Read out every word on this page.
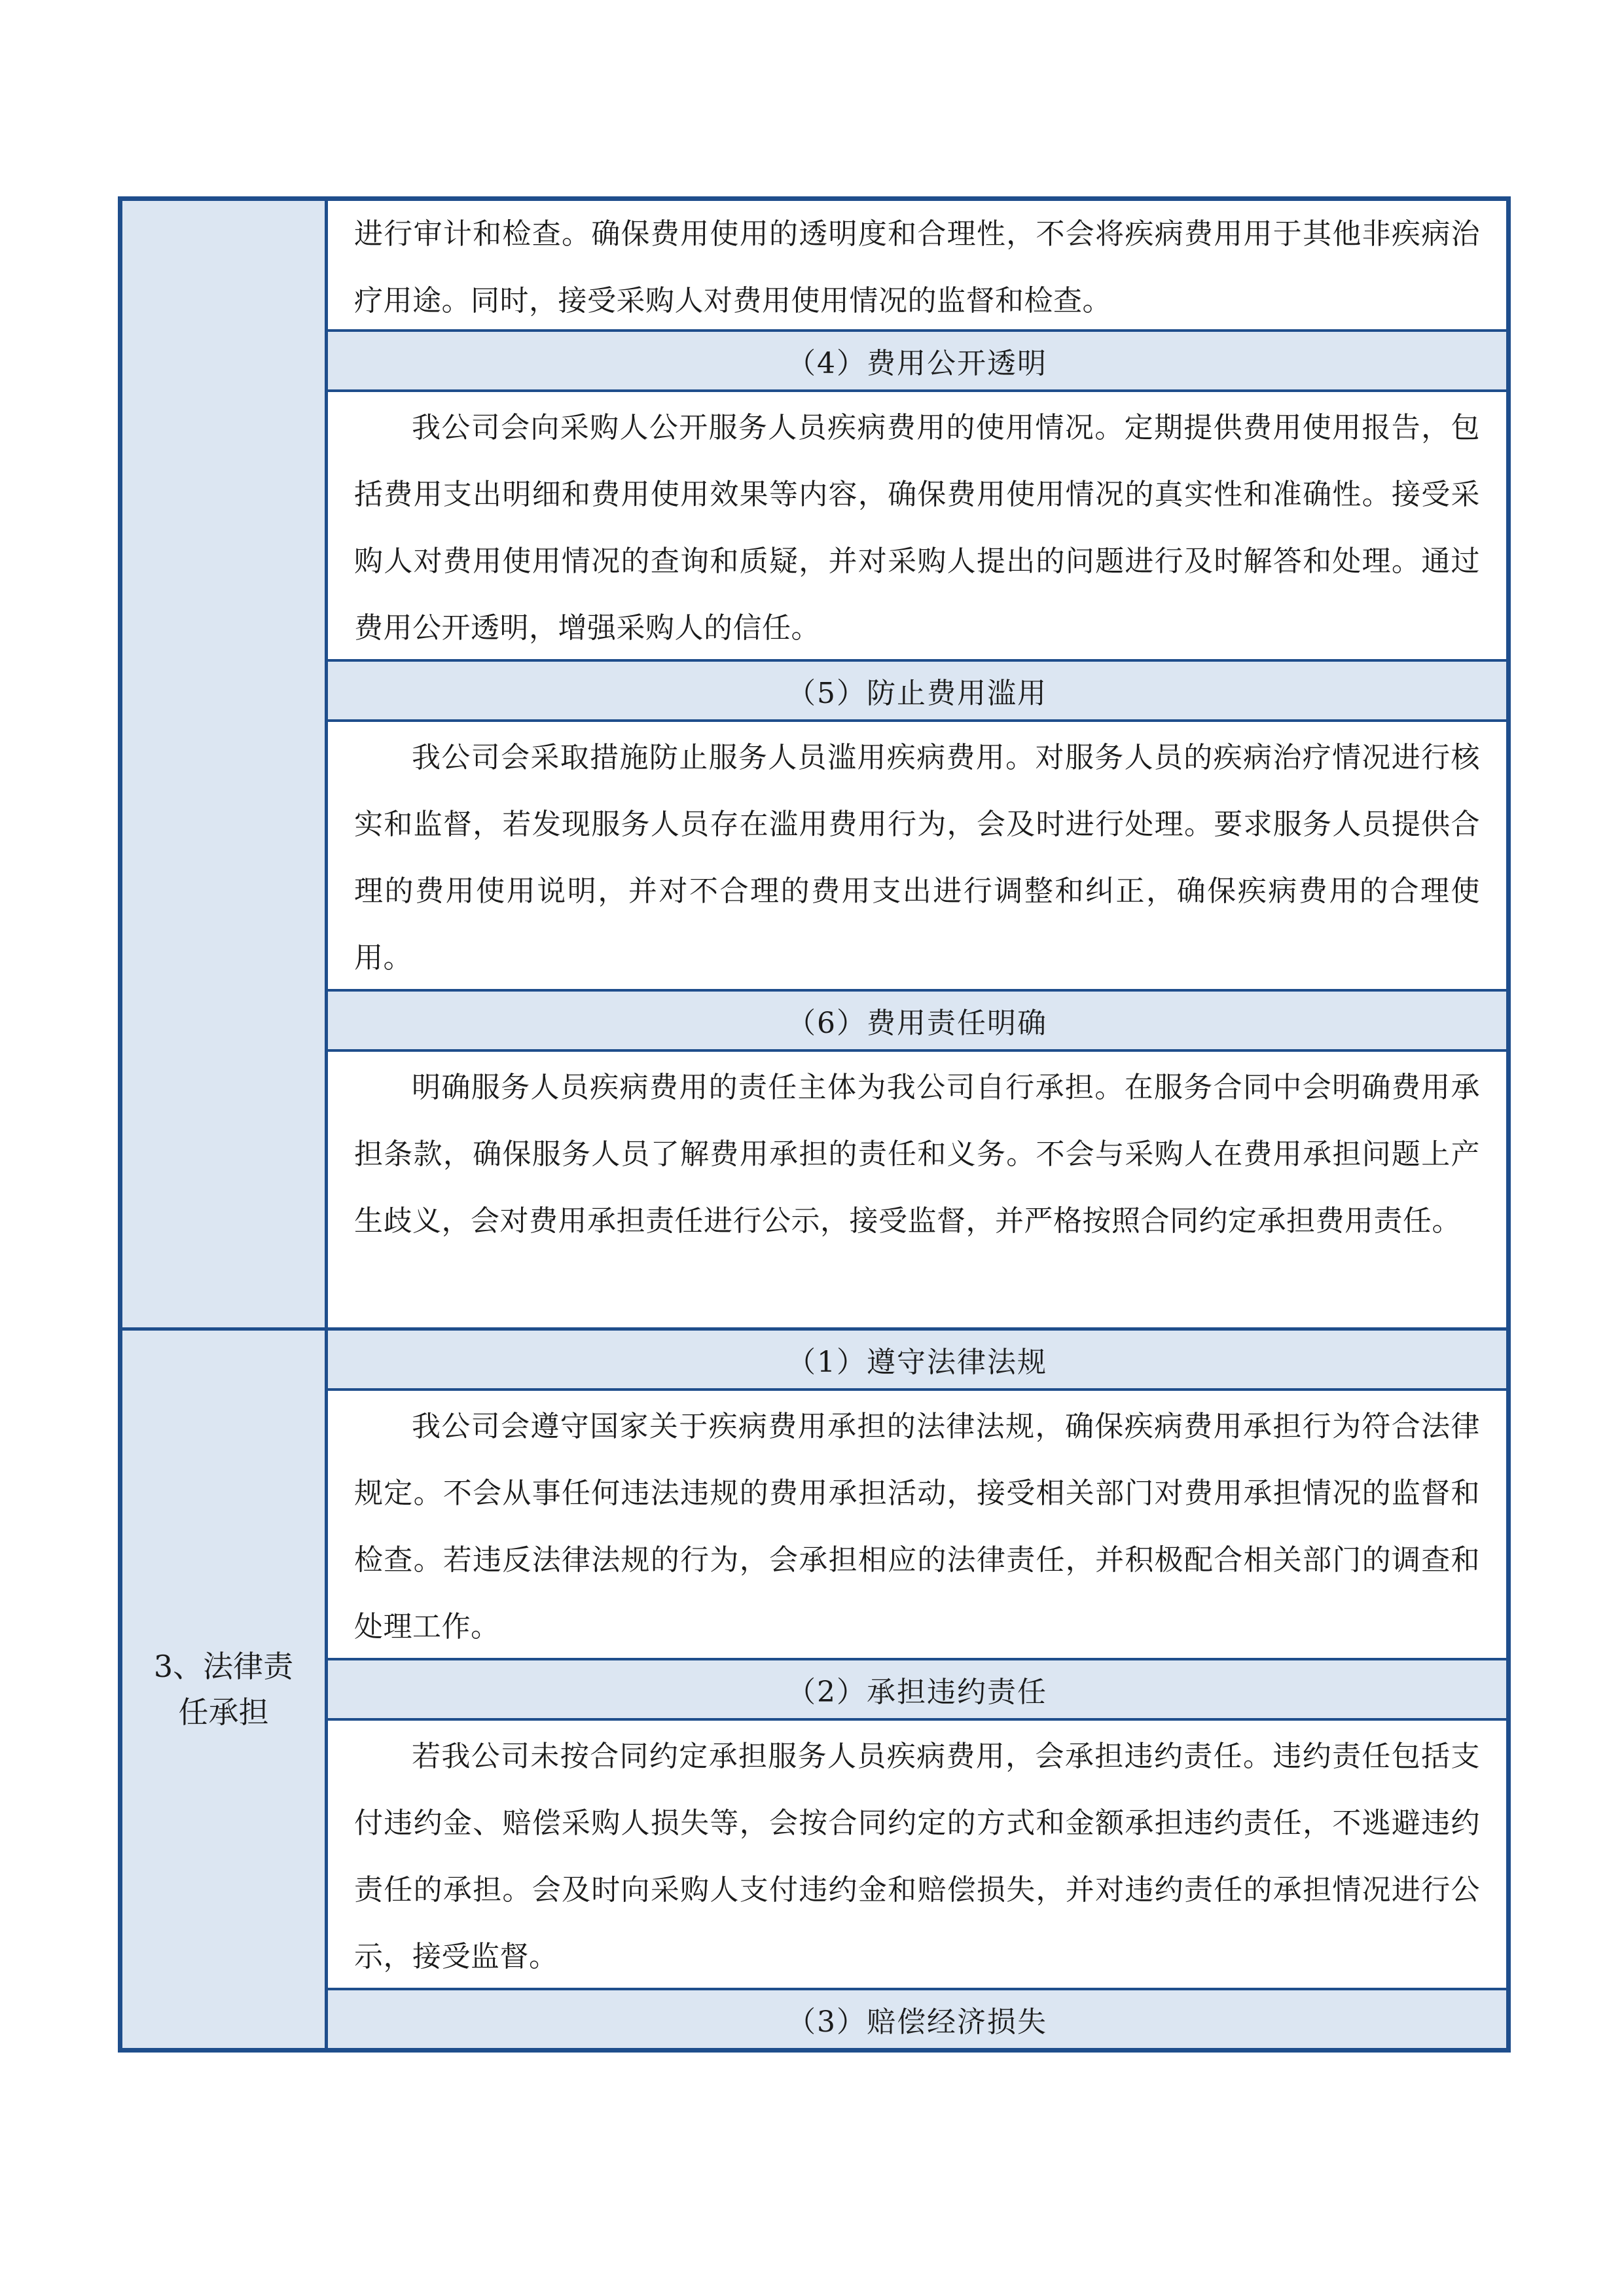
进行审计和检查。确保费用使用的透明度和合理性，不会将疾病费用用于其他非疾病治疗用途。同时，接受采购人对费用使用情况的监督和检查。
（4）费用公开透明
我公司会向采购人公开服务人员疾病费用的使用情况。定期提供费用使用报告，包括费用支出明细和费用使用效果等内容，确保费用使用情况的真实性和准确性。接受采购人对费用使用情况的查询和质疑，并对采购人提出的问题进行及时解答和处理。通过费用公开透明，增强采购人的信任。
（5）防止费用滥用
我公司会采取措施防止服务人员滥用疾病费用。对服务人员的疾病治疗情况进行核实和监督，若发现服务人员存在滥用费用行为，会及时进行处理。要求服务人员提供合理的费用使用说明，并对不合理的费用支出进行调整和纠正，确保疾病费用的合理使用。
（6）费用责任明确
明确服务人员疾病费用的责任主体为我公司自行承担。在服务合同中会明确费用承担条款，确保服务人员了解费用承担的责任和义务。不会与采购人在费用承担问题上产生歧义，会对费用承担责任进行公示，接受监督，并严格按照合同约定承担费用责任。
3、法律责任承担
（1）遵守法律法规
我公司会遵守国家关于疾病费用承担的法律法规，确保疾病费用承担行为符合法律规定。不会从事任何违法违规的费用承担活动，接受相关部门对费用承担情况的监督和检查。若违反法律法规的行为，会承担相应的法律责任，并积极配合相关部门的调查和处理工作。
（2）承担违约责任
若我公司未按合同约定承担服务人员疾病费用，会承担违约责任。违约责任包括支付违约金、赔偿采购人损失等，会按合同约定的方式和金额承担违约责任，不逃避违约责任的承担。会及时向采购人支付违约金和赔偿损失，并对违约责任的承担情况进行公示，接受监督。
（3）赔偿经济损失
